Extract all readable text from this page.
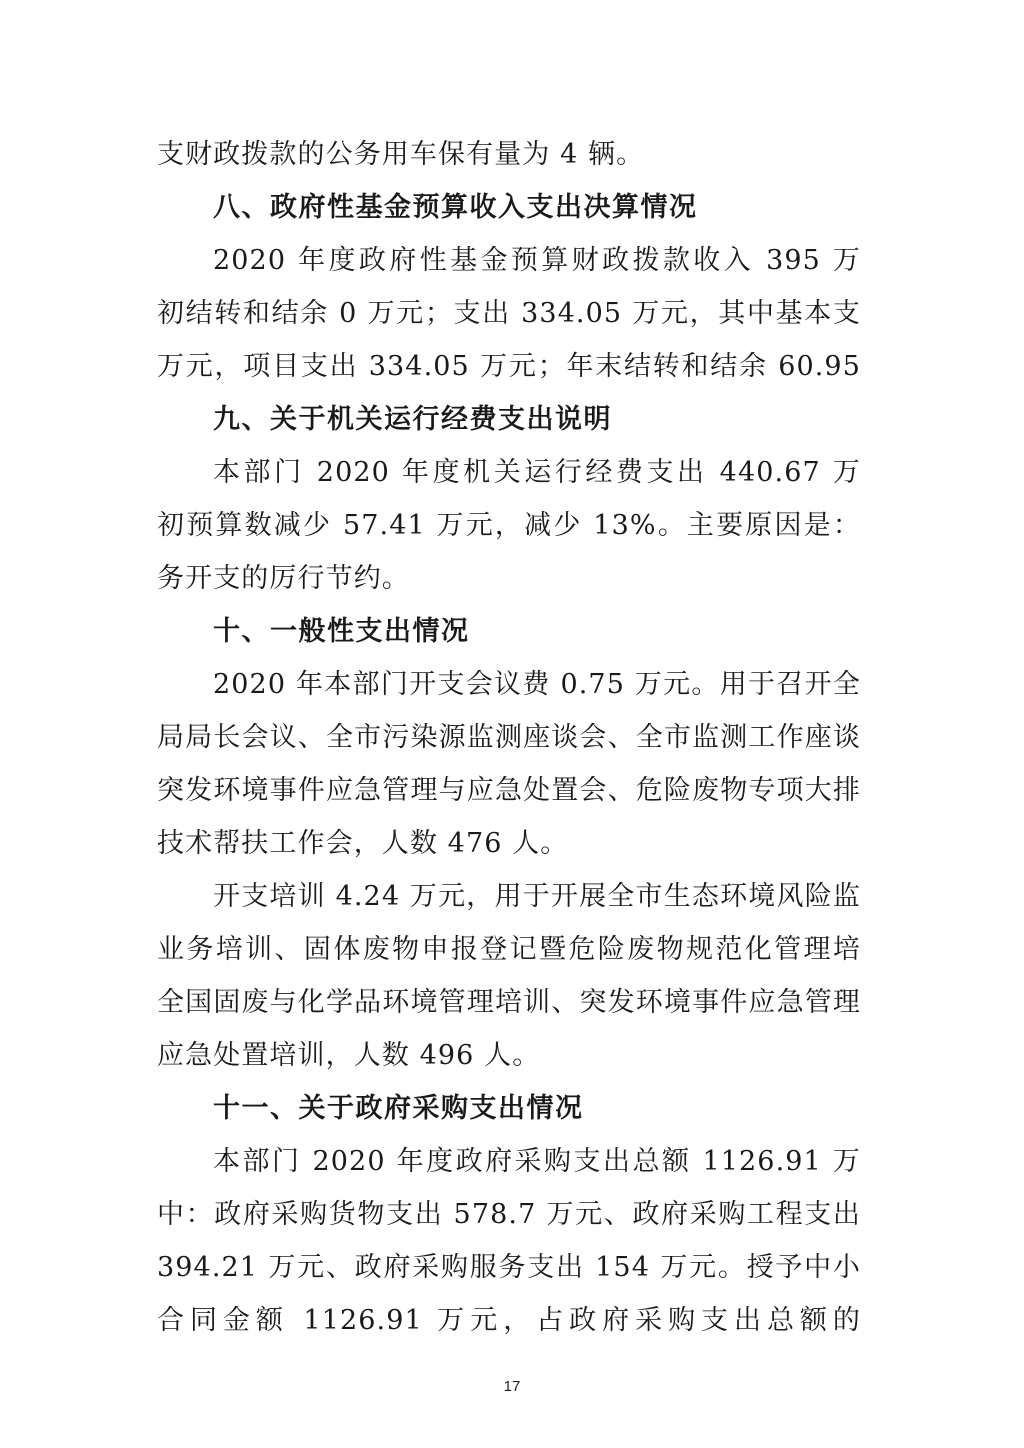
支财政拨款的公务用车保有量为 4 辆。
八、政府性基金预算收入支出决算情况
2020 年度政府性基金预算财政拨款收入 395 万
初结转和结余 0 万元；支出 334.05 万元，其中基本支
万元，项目支出 334.05 万元；年末结转和结余 60.95
九、关于机关运行经费支出说明
本部门 2020 年度机关运行经费支出 440.67 万
初预算数减少 57.41 万元，减少 13%。主要原因是：
务开支的厉行节约。
十、一般性支出情况
2020 年本部门开支会议费 0.75 万元。用于召开全
局局长会议、全市污染源监测座谈会、全市监测工作座谈
突发环境事件应急管理与应急处置会、危险废物专项大排
技术帮扶工作会，人数 476 人。
开支培训 4.24 万元，用于开展全市生态环境风险监
业务培训、固体废物申报登记暨危险废物规范化管理培
全国固废与化学品环境管理培训、突发环境事件应急管理
应急处置培训，人数 496 人。
十一、关于政府采购支出情况
本部门 2020 年度政府采购支出总额 1126.91 万
中：政府采购货物支出 578.7 万元、政府采购工程支出
394.21 万元、政府采购服务支出 154 万元。授予中小
合同金额 1126.91 万元，占政府采购支出总额的
17
